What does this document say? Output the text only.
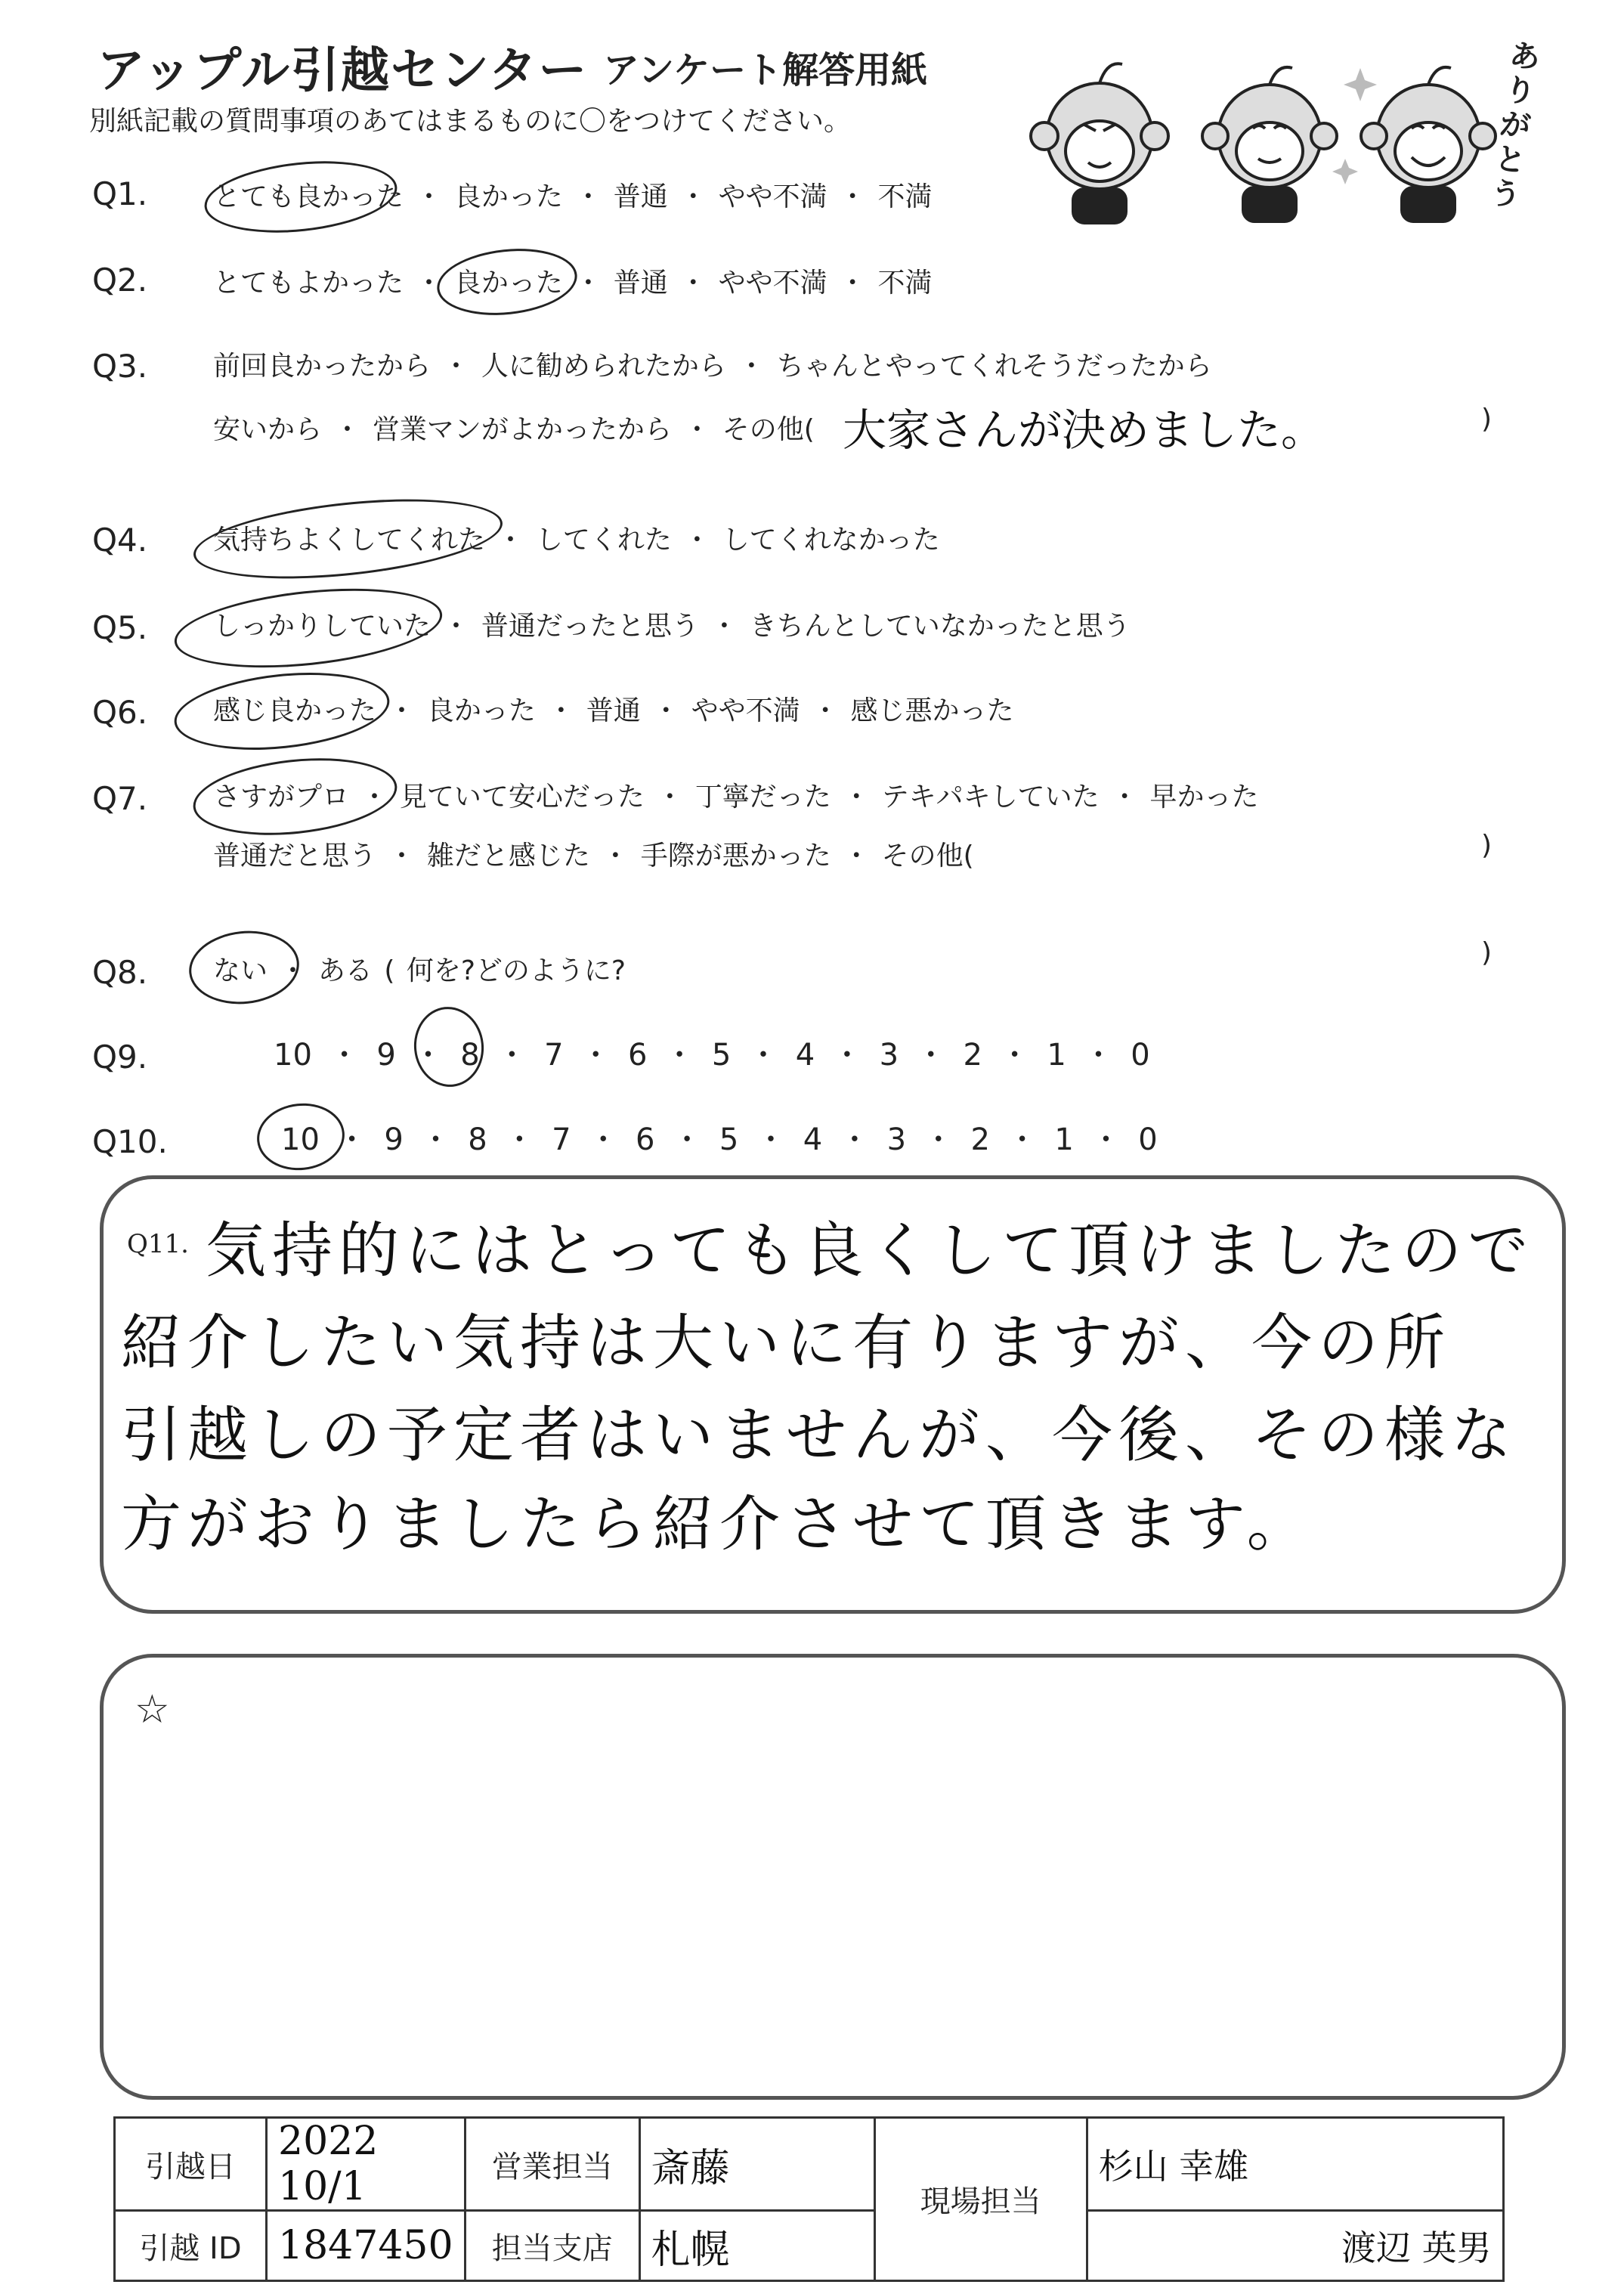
アップル引越センター アンケート解答用紙
別紙記載の質問事項のあてはまるものに〇をつけてください。
ありがとう
Q1. とても良かった ・ 良かった ・ 普通 ・ やや不満 ・ 不満
Q2. とてもよかった ・ 良かった ・ 普通 ・ やや不満 ・ 不満
Q3. 前回良かったから ・ 人に勧められたから ・ ちゃんとやってくれそうだったから
安いから ・ 営業マンがよかったから ・ その他( 大家さんが決めました。	)
Q4. 気持ちよくしてくれた ・ してくれた ・ してくれなかった
Q5. しっかりしていた ・ 普通だったと思う ・ きちんとしていなかったと思う
Q6. 感じ良かった ・ 良かった ・ 普通 ・ やや不満 ・ 感じ悪かった
Q7. さすがプロ ・ 見ていて安心だった ・ 丁寧だった ・ テキパキしていた ・ 早かった
普通だと思う ・ 雑だと感じた ・ 手際が悪かった ・ その他(	)
Q8. ない ・ ある ( 何を?どのように?
)
Q9.	10 ・ 9 ・ 8 ・ 7 ・ 6 ・ 5 ・ 4 ・ 3 ・ 2 ・ 1 ・ 0
Q10.	10 ・ 9 ・ 8 ・ 7 ・ 6 ・ 5 ・ 4 ・ 3 ・ 2 ・ 1 ・ 0
Q11. 気持的にはとっても良くして頂けましたので
紹介したい気持は大いに有りますが、今の所
引越しの予定者はいませんが、今後、その様な
方がおりましたら紹介させて頂きます。
☆
引越日	2022 10/1	営業担当	斎藤	現場担当	杉山 幸雄
引越 ID	1847450	担当支店	札幌		渡辺 英男
